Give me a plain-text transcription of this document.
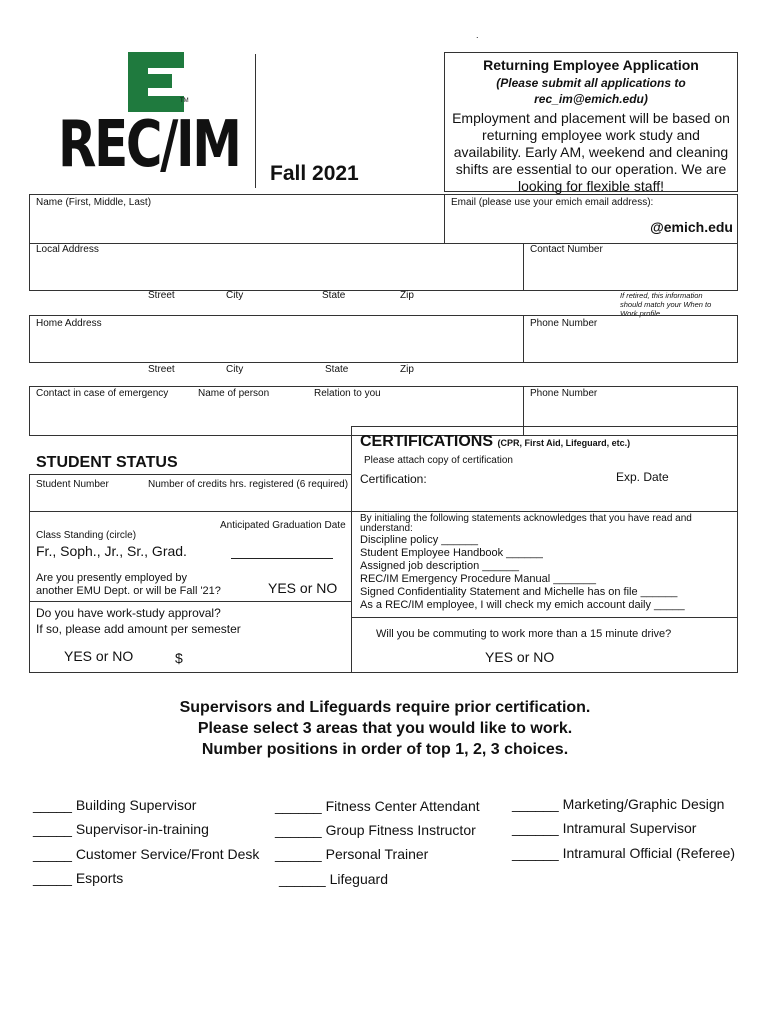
.
TM
REC/IM Fall 2021
Returning Employee Application
(Please submit all applications to
rec_im@emich.edu)
Employment and placement will be based on
returning employee work study and
availability. Early AM, weekend and cleaning
shifts are essential to our operation. We are
looking for flexible staff!
Name (First, Middle, Last)	Email (please use your emich email address):
@emich.edu
Local Address	Contact Number
Street	City	State	Zip	If retired, this information
should match your When to
Work profile.
Home Address	Phone Number
Street	City	State	Zip
Contact in case of emergency	Name of person	Relation to you	Phone Number
STUDENT STATUS
Student Number	Number of credits hrs. registered (6 required)
Anticipated Graduation Date
Class Standing (circle)
Fr., Soph., Jr., Sr., Grad.
Are you presently employed by
another EMU Dept. or will be Fall '21?	YES or NO
Do you have work-study approval?
If so, please add amount per semester
YES or NO	$
CERTIFICATIONS (CPR, First Aid, Lifeguard, etc.)
Please attach copy of certification
Certification:	Exp. Date
By initialing the following statements acknowledges that you have read and
understand:
Discipline policy ______
Student Employee Handbook ______
Assigned job description ______
REC/IM Emergency Procedure Manual _______
Signed Confidentiality Statement and Michelle has on file ______
As a REC/IM employee, I will check my emich account daily _____
Will you be commuting to work more than a 15 minute drive?
YES or NO
Supervisors and Lifeguards require prior certification.
Please select 3 areas that you would like to work.
Number positions in order of top 1, 2, 3 choices.
_____ Building Supervisor
_____ Supervisor-in-training
_____ Customer Service/Front Desk
_____ Esports
______ Fitness Center Attendant
______ Group Fitness Instructor
______ Personal Trainer
______ Lifeguard
______ Marketing/Graphic Design
______ Intramural Supervisor
______ Intramural Official (Referee)
